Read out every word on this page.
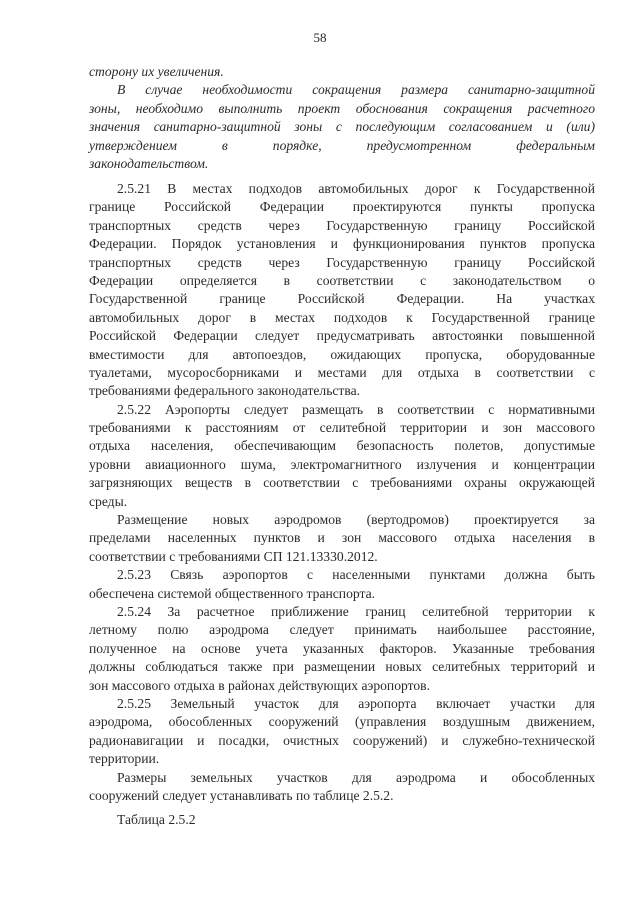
58
сторону их увеличения.
В случае необходимости сокращения размера санитарно-защитной
зоны, необходимо выполнить проект обоснования сокращения расчетного
значения санитарно-защитной зоны с последующим согласованием и (или)
утверждением в порядке, предусмотренном федеральным
законодательством.
2.5.21 В местах подходов автомобильных дорог к Государственной
границе Российской Федерации проектируются пункты пропуска
транспортных средств через Государственную границу Российской
Федерации. Порядок установления и функционирования пунктов пропуска
транспортных средств через Государственную границу Российской
Федерации определяется в соответствии с законодательством о
Государственной границе Российской Федерации. На участках
автомобильных дорог в местах подходов к Государственной границе
Российской Федерации следует предусматривать автостоянки повышенной
вместимости для автопоездов, ожидающих пропуска, оборудованные
туалетами, мусоросборниками и местами для отдыха в соответствии с
требованиями федерального законодательства.
2.5.22 Аэропорты следует размещать в соответствии с нормативными
требованиями к расстояниям от селитебной территории и зон массового
отдыха населения, обеспечивающим безопасность полетов, допустимые
уровни авиационного шума, электромагнитного излучения и концентрации
загрязняющих веществ в соответствии с требованиями охраны окружающей
среды.
Размещение новых аэродромов (вертодромов) проектируется за
пределами населенных пунктов и зон массового отдыха населения в
соответствии с требованиями СП 121.13330.2012.
2.5.23 Связь аэропортов с населенными пунктами должна быть
обеспечена системой общественного транспорта.
2.5.24 За расчетное приближение границ селитебной территории к
летному полю аэродрома следует принимать наибольшее расстояние,
полученное на основе учета указанных факторов. Указанные требования
должны соблюдаться также при размещении новых селитебных территорий и
зон массового отдыха в районах действующих аэропортов.
2.5.25 Земельный участок для аэропорта включает участки для
аэродрома, обособленных сооружений (управления воздушным движением,
радионавигации и посадки, очистных сооружений) и служебно-технической
территории.
Размеры земельных участков для аэродрома и обособленных
сооружений следует устанавливать по таблице 2.5.2.
Таблица 2.5.2
